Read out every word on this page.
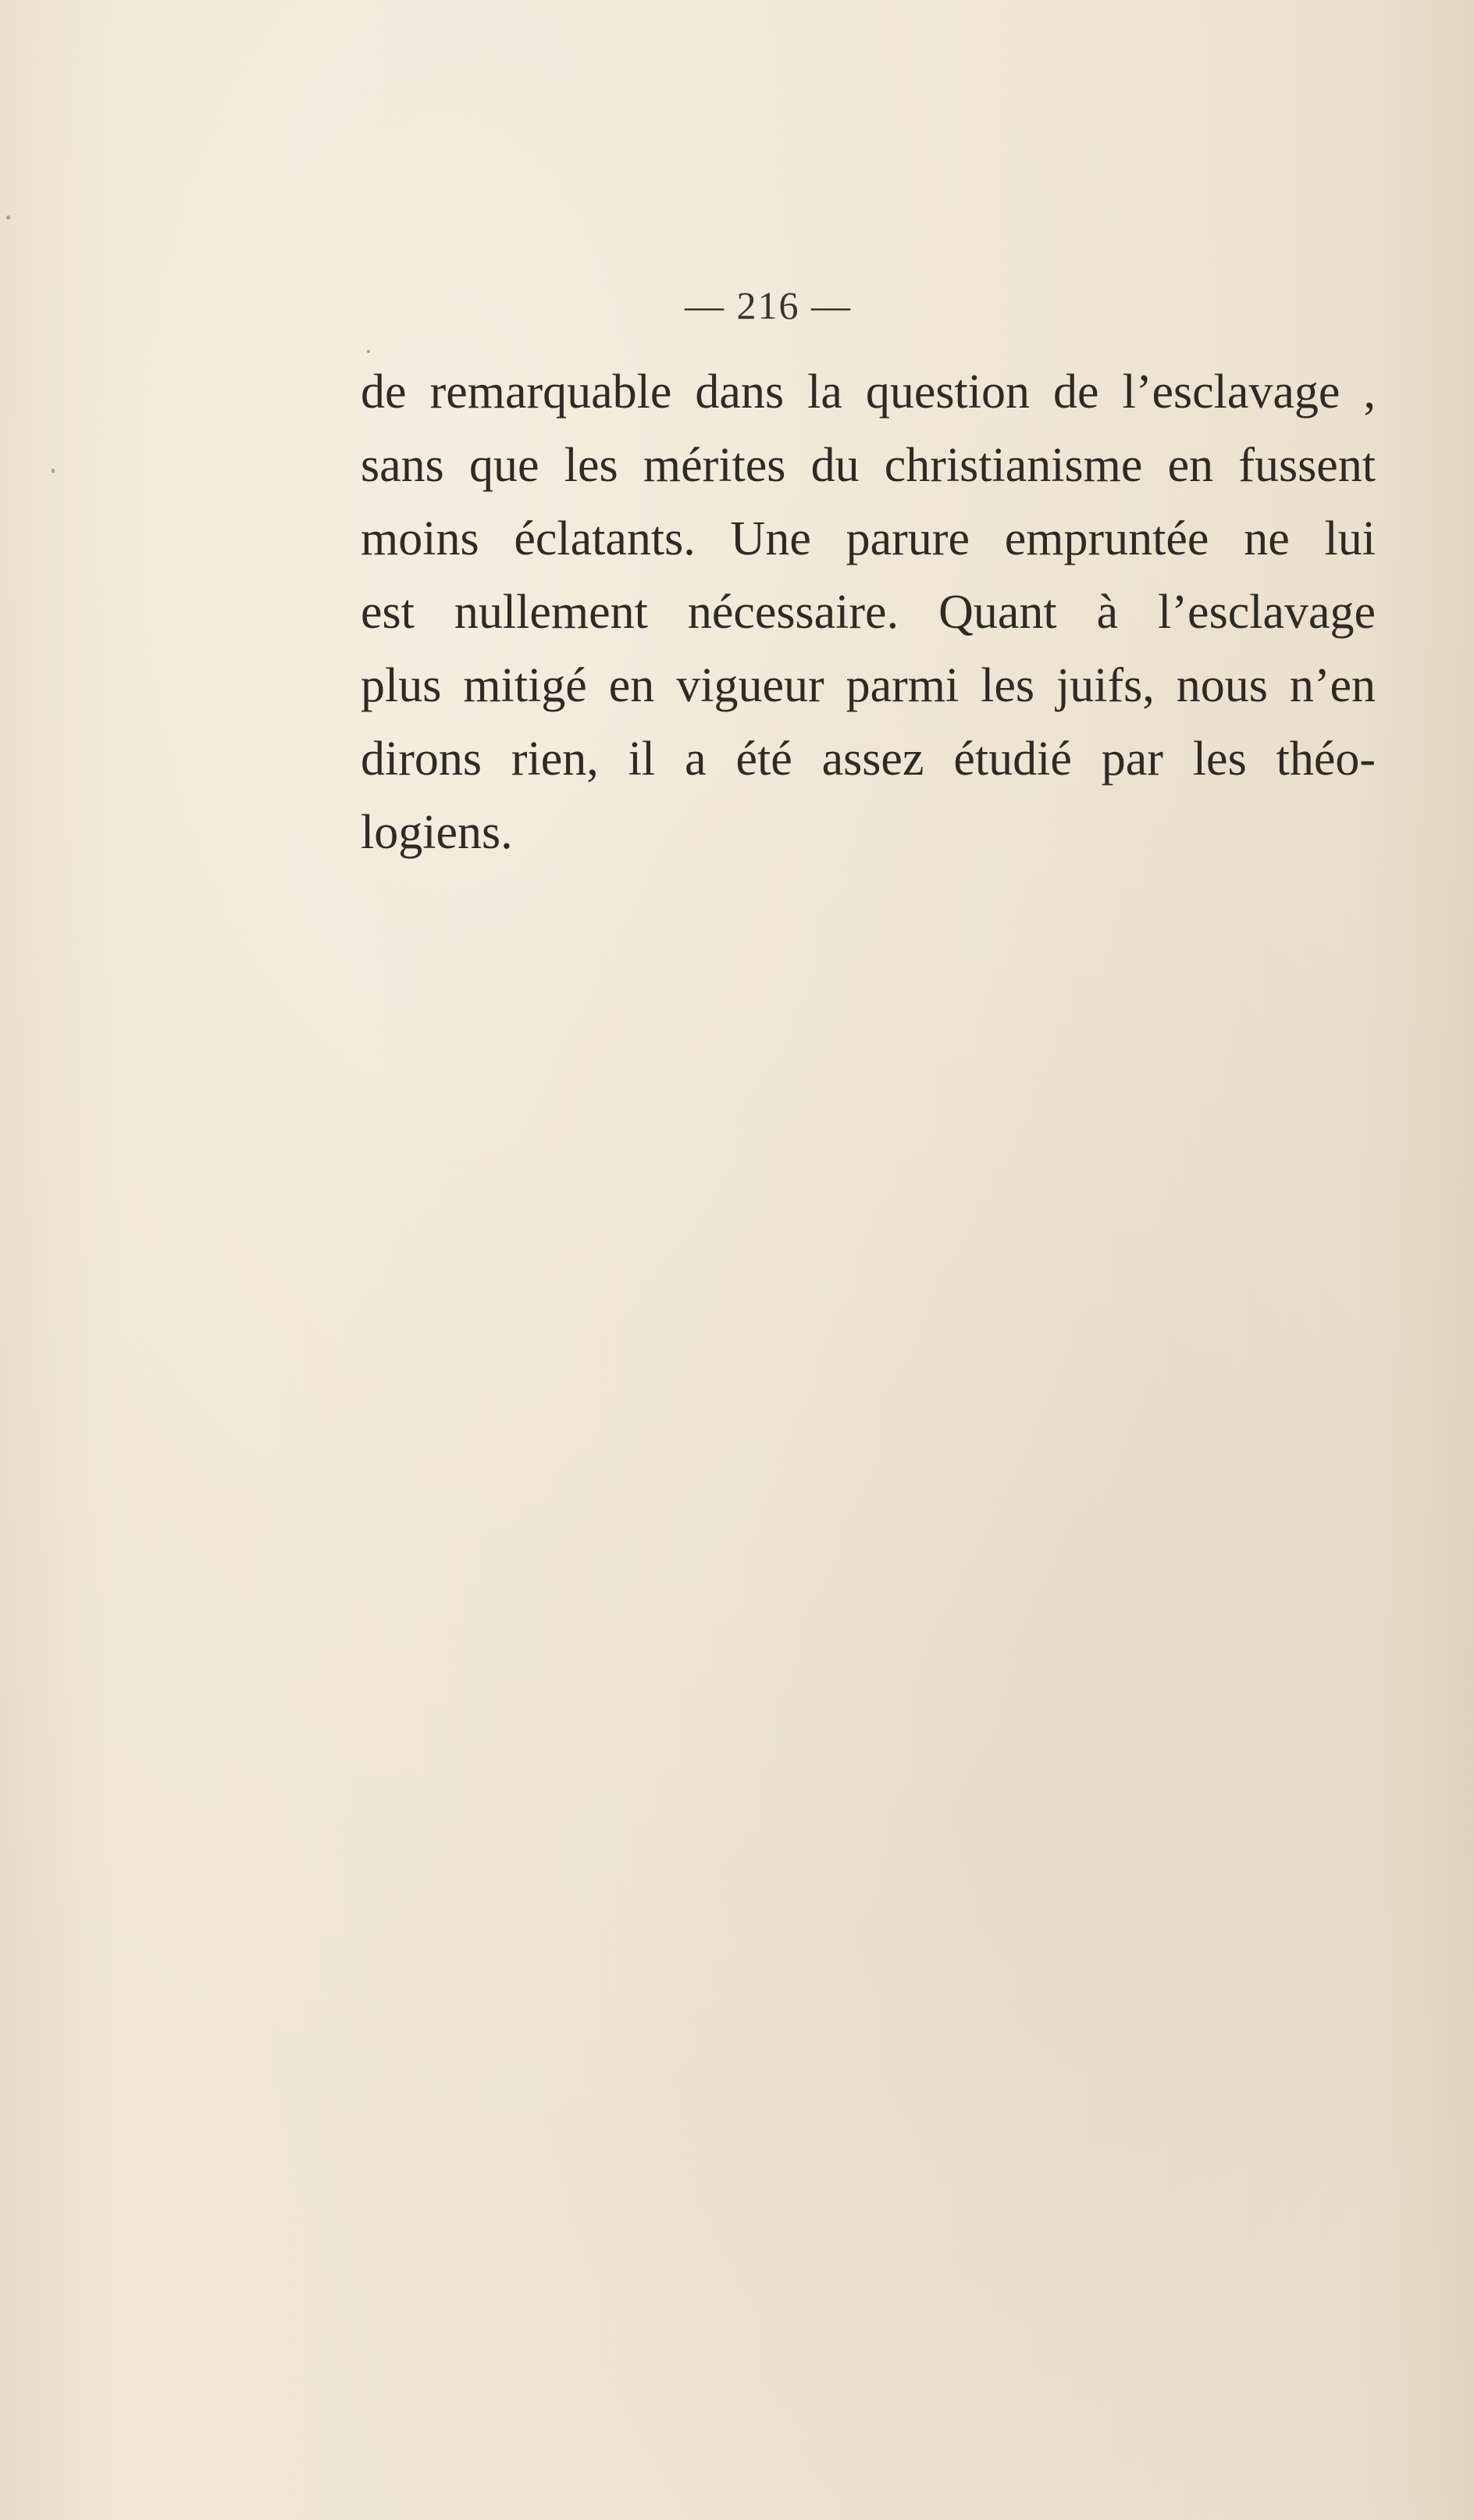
— 216 —
de remarquable dans la question de l’esclavage ,
sans que les mérites du christianisme en fussent
moins éclatants. Une parure empruntée ne lui
est nullement nécessaire. Quant à l’esclavage
plus mitigé en vigueur parmi les juifs, nous n’en
dirons rien, il a été assez étudié par les théo-
logiens.
